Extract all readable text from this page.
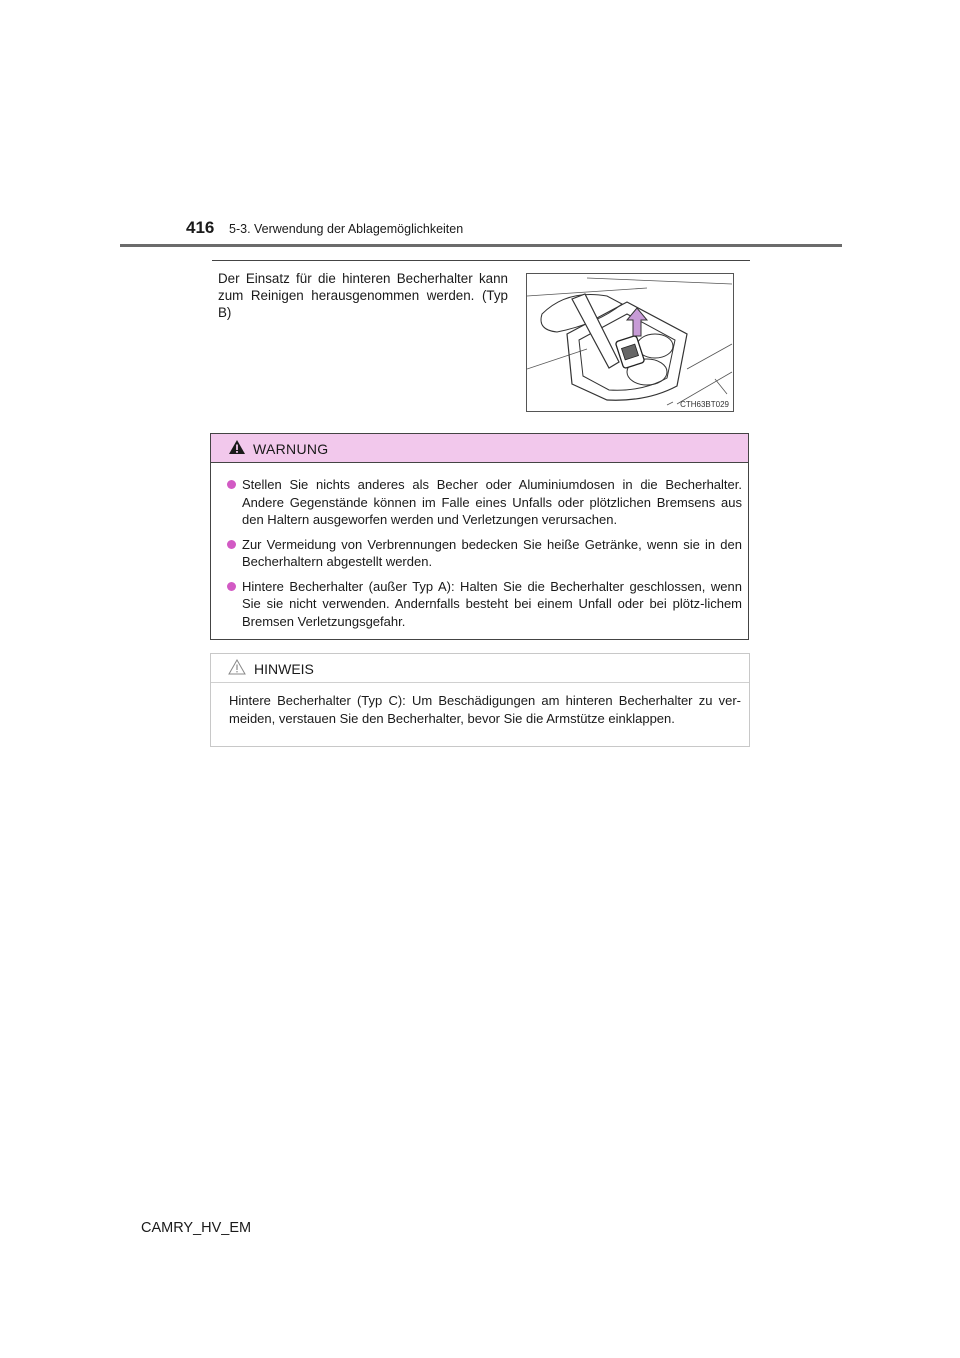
416 5-3. Verwendung der Ablagemöglichkeiten
Der Einsatz für die hinteren Becherhalter kann zum Reinigen herausgenommen werden. (Typ B)
CTH63BT029
WARNUNG
Stellen Sie nichts anderes als Becher oder Aluminiumdosen in die Becherhalter. Andere Gegenstände können im Falle eines Unfalls oder plötzlichen Bremsens aus den Haltern ausgeworfen werden und Verletzungen verursachen.
Zur Vermeidung von Verbrennungen bedecken Sie heiße Getränke, wenn sie in den Becherhaltern abgestellt werden.
Hintere Becherhalter (außer Typ A): Halten Sie die Becherhalter geschlossen, wenn Sie sie nicht verwenden. Andernfalls besteht bei einem Unfall oder bei plötz-lichem Bremsen Verletzungsgefahr.
HINWEIS
Hintere Becherhalter (Typ C): Um Beschädigungen am hinteren Becherhalter zu ver-meiden, verstauen Sie den Becherhalter, bevor Sie die Armstütze einklappen.
CAMRY_HV_EM
